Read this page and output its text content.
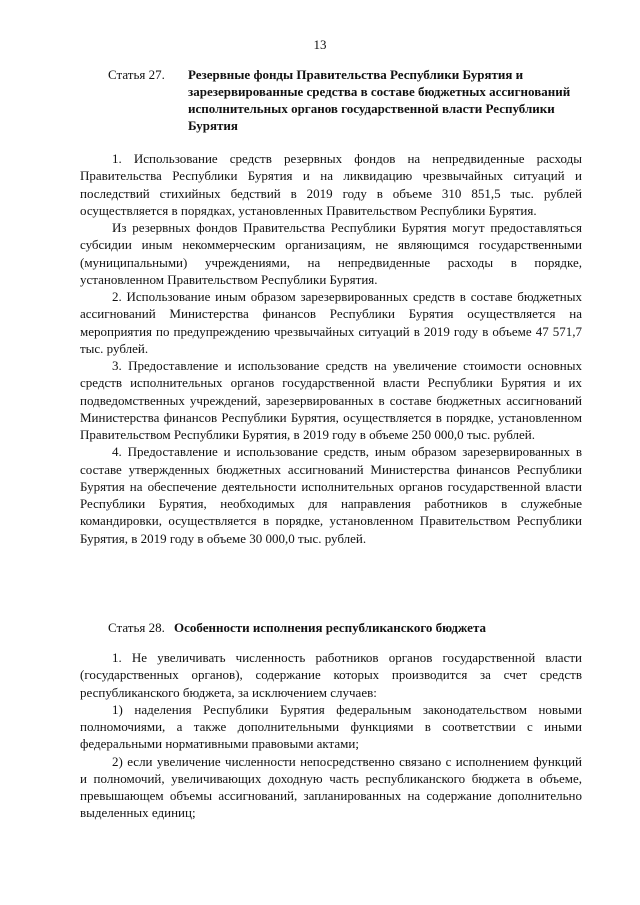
13
Статья 27. Резервные фонды Правительства Республики Бурятия и зарезервированные средства в составе бюджетных ассигнований исполнительных органов государственной власти Республики Бурятия

1. Использование средств резервных фондов на непредвиденные расходы Правительства Республики Бурятия и на ликвидацию чрезвычайных ситуаций и последствий стихийных бедствий в 2019 году в объеме 310 851,5 тыс. рублей осуществляется в порядках, установленных Правительством Республики Бурятия.

Из резервных фондов Правительства Республики Бурятия могут предоставляться субсидии иным некоммерческим организациям, не являющимся государственными (муниципальными) учреждениями, на непредвиденные расходы в порядке, установленном Правительством Республики Бурятия.

2. Использование иным образом зарезервированных средств в составе бюджетных ассигнований Министерства финансов Республики Бурятия осуществляется на мероприятия по предупреждению чрезвычайных ситуаций в 2019 году в объеме 47 571,7 тыс. рублей.

3. Предоставление и использование средств на увеличение стоимости основных средств исполнительных органов государственной власти Республики Бурятия и их подведомственных учреждений, зарезервированных в составе бюджетных ассигнований Министерства финансов Республики Бурятия, осуществляется в порядке, установленном Правительством Республики Бурятия, в 2019 году в объеме 250 000,0 тыс. рублей.

4. Предоставление и использование средств, иным образом зарезервированных в составе утвержденных бюджетных ассигнований Министерства финансов Республики Бурятия на обеспечение деятельности исполнительных органов государственной власти Республики Бурятия, необходимых для направления работников в служебные командировки, осуществляется в порядке, установленном Правительством Республики Бурятия, в 2019 году в объеме 30 000,0 тыс. рублей.

Статья 28. Особенности исполнения республиканского бюджета

1. Не увеличивать численность работников органов государственной власти (государственных органов), содержание которых производится за счет средств республиканского бюджета, за исключением случаев:

1) наделения Республики Бурятия федеральным законодательством новыми полномочиями, а также дополнительными функциями в соответствии с иными федеральными нормативными правовыми актами;

2) если увеличение численности непосредственно связано с исполнением функций и полномочий, увеличивающих доходную часть республиканского бюджета в объеме, превышающем объемы ассигнований, запланированных на содержание дополнительно выделенных единиц;
